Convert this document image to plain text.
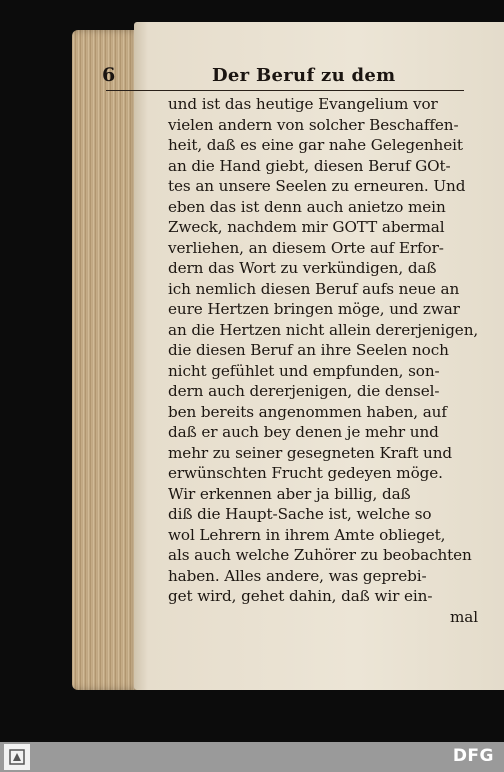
6	Der Beruf zu dem
und ist das heutige Evangelium vor
vielen andern von solcher Beschaffen-
heit, daß es eine gar nahe Gelegenheit
an die Hand giebt, diesen Beruf GOt-
tes an unsere Seelen zu erneuren. Und
eben das ist denn auch anietzo mein
Zweck, nachdem mir GOTT abermal
verliehen, an diesem Orte auf Erfor-
dern das Wort zu verkündigen, daß
ich nemlich diesen Beruf aufs neue an
eure Hertzen bringen möge, und zwar
an die Hertzen nicht allein dererjenigen,
die diesen Beruf an ihre Seelen noch
nicht gefühlet und empfunden, son-
dern auch dererjenigen, die densel-
ben bereits angenommen haben, auf
daß er auch bey denen je mehr und
mehr zu seiner gesegneten Kraft und
erwünschten Frucht gedeyen möge.
Wir erkennen aber ja billig, daß
diß die Haupt-Sache ist, welche so
wol Lehrern in ihrem Amte oblieget,
als auch welche Zuhörer zu beobachten
haben. Alles andere, was geprebi-
get wird, gehet dahin, daß wir ein-
mal
DFG
